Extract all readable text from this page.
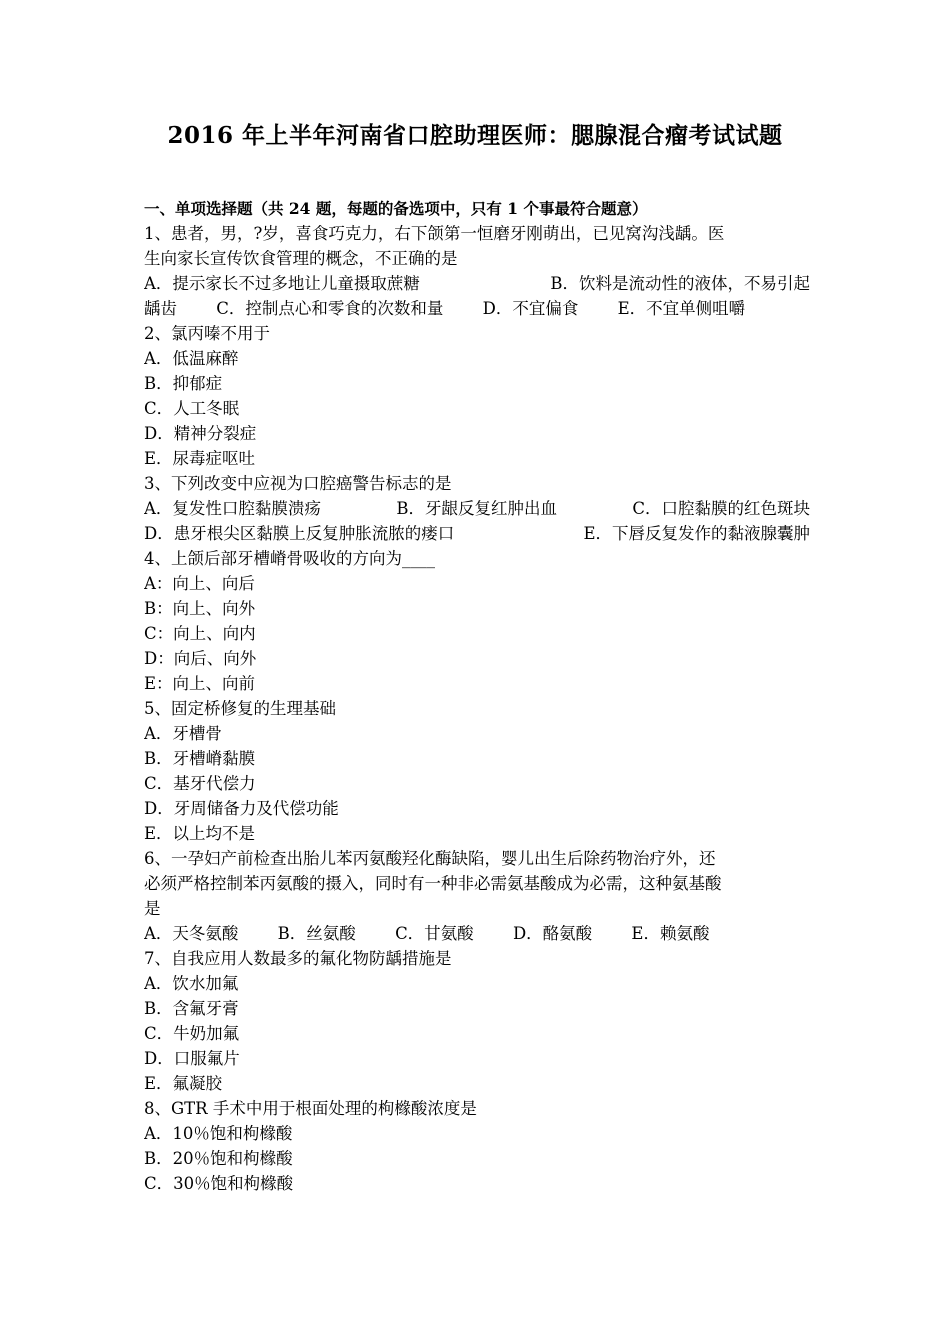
2016 年上半年河南省口腔助理医师：腮腺混合瘤考试试题
一、单项选择题（共 24 题，每题的备选项中，只有 1 个事最符合题意）
1、患者，男，?岁，喜食巧克力，右下颌第一恒磨牙刚萌出，已见窝沟浅龋。医
生向家长宣传饮食管理的概念，不正确的是
A．提示家长不过多地让儿童摄取蔗糖	B．饮料是流动性的液体，不易引起
龋齿 C．控制点心和零食的次数和量 D．不宜偏食 E．不宜单侧咀嚼
2、氯丙嗪不用于
A．低温麻醉
B．抑郁症
C．人工冬眠
D．精神分裂症
E．尿毒症呕吐
3、下列改变中应视为口腔癌警告标志的是
A．复发性口腔黏膜溃疡	B．牙龈反复红肿出血	C．口腔黏膜的红色斑块
D．患牙根尖区黏膜上反复肿胀流脓的瘘口	E．下唇反复发作的黏液腺囊肿
4、上颌后部牙槽嵴骨吸收的方向为____
A：向上、向后
B：向上、向外
C：向上、向内
D：向后、向外
E：向上、向前
5、固定桥修复的生理基础
A．牙槽骨
B．牙槽嵴黏膜
C．基牙代偿力
D．牙周储备力及代偿功能
E．以上均不是
6、一孕妇产前检查出胎儿苯丙氨酸羟化酶缺陷，婴儿出生后除药物治疗外，还
必须严格控制苯丙氨酸的摄入，同时有一种非必需氨基酸成为必需，这种氨基酸
是
A．天冬氨酸 B．丝氨酸 C．甘氨酸 D．酪氨酸 E．赖氨酸
7、自我应用人数最多的氟化物防龋措施是
A．饮水加氟
B．含氟牙膏
C．牛奶加氟
D．口服氟片
E．氟凝胶
8、GTR 手术中用于根面处理的枸橼酸浓度是
A．10％饱和枸橼酸
B．20％饱和枸橼酸
C．30％饱和枸橼酸
